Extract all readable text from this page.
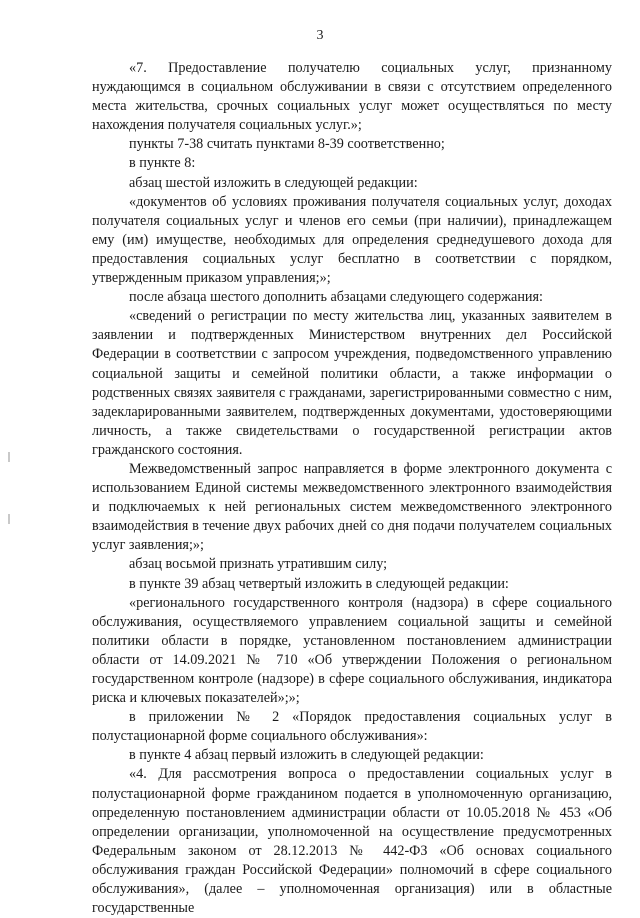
3

«7. Предоставление получателю социальных услуг, признанному нуждающимся в социальном обслуживании в связи с отсутствием определенного места жительства, срочных социальных услуг может осуществляться по месту нахождения получателя социальных услуг.»;

пункты 7-38 считать пунктами 8-39 соответственно;

в пункте 8:

абзац шестой изложить в следующей редакции:

«документов об условиях проживания получателя социальных услуг, доходах получателя социальных услуг и членов его семьи (при наличии), принадлежащем ему (им) имуществе, необходимых для определения среднедушевого дохода для предоставления социальных услуг бесплатно в соответствии с порядком, утвержденным приказом управления;»;

после абзаца шестого дополнить абзацами следующего содержания:

«сведений о регистрации по месту жительства лиц, указанных заявителем в заявлении и подтвержденных Министерством внутренних дел Российской Федерации в соответствии с запросом учреждения, подведомственного управлению социальной защиты и семейной политики области, а также информации о родственных связях заявителя с гражданами, зарегистрированными совместно с ним, задекларированными заявителем, подтвержденных документами, удостоверяющими личность, а также свидетельствами о государственной регистрации актов гражданского состояния.

Межведомственный запрос направляется в форме электронного документа с использованием Единой системы межведомственного электронного взаимодействия и подключаемых к ней региональных систем межведомственного электронного взаимодействия в течение двух рабочих дней со дня подачи получателем социальных услуг заявления;»;

абзац восьмой признать утратившим силу;

в пункте 39 абзац четвертый изложить в следующей редакции:

«регионального государственного контроля (надзора) в сфере социального обслуживания, осуществляемого управлением социальной защиты и семейной политики области в порядке, установленном постановлением администрации области от 14.09.2021 № 710 «Об утверждении Положения о региональном государственном контроле (надзоре) в сфере социального обслуживания, индикатора риска и ключевых показателей»;»;

в приложении № 2 «Порядок предоставления социальных услуг в полустационарной форме социального обслуживания»:

в пункте 4 абзац первый изложить в следующей редакции:

«4. Для рассмотрения вопроса о предоставлении социальных услуг в полустационарной форме гражданином подается в уполномоченную организацию, определенную постановлением администрации области от 10.05.2018 № 453 «Об определении организации, уполномоченной на осуществление предусмотренных Федеральным законом от 28.12.2013 № 442-ФЗ «Об основах социального обслуживания граждан Российской Федерации» полномочий в сфере социального обслуживания», (далее – уполномоченная организация) или в областные государственные
